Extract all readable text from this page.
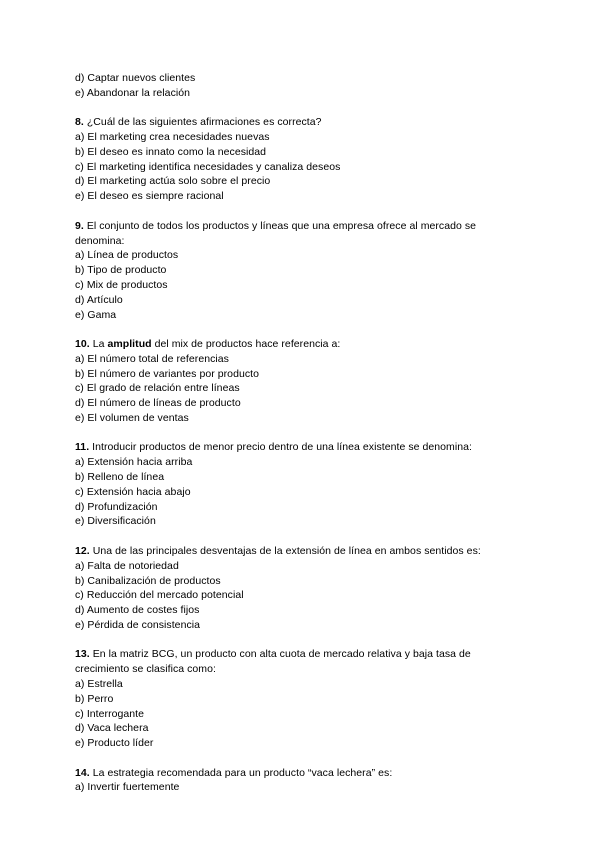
d) Captar nuevos clientes
e) Abandonar la relación
8. ¿Cuál de las siguientes afirmaciones es correcta?
a) El marketing crea necesidades nuevas
b) El deseo es innato como la necesidad
c) El marketing identifica necesidades y canaliza deseos
d) El marketing actúa solo sobre el precio
e) El deseo es siempre racional
9. El conjunto de todos los productos y líneas que una empresa ofrece al mercado se
denomina:
a) Línea de productos
b) Tipo de producto
c) Mix de productos
d) Artículo
e) Gama
10. La amplitud del mix de productos hace referencia a:
a) El número total de referencias
b) El número de variantes por producto
c) El grado de relación entre líneas
d) El número de líneas de producto
e) El volumen de ventas
11. Introducir productos de menor precio dentro de una línea existente se denomina:
a) Extensión hacia arriba
b) Relleno de línea
c) Extensión hacia abajo
d) Profundización
e) Diversificación
12. Una de las principales desventajas de la extensión de línea en ambos sentidos es:
a) Falta de notoriedad
b) Canibalización de productos
c) Reducción del mercado potencial
d) Aumento de costes fijos
e) Pérdida de consistencia
13. En la matriz BCG, un producto con alta cuota de mercado relativa y baja tasa de
crecimiento se clasifica como:
a) Estrella
b) Perro
c) Interrogante
d) Vaca lechera
e) Producto líder
14. La estrategia recomendada para un producto “vaca lechera” es:
a) Invertir fuertemente
